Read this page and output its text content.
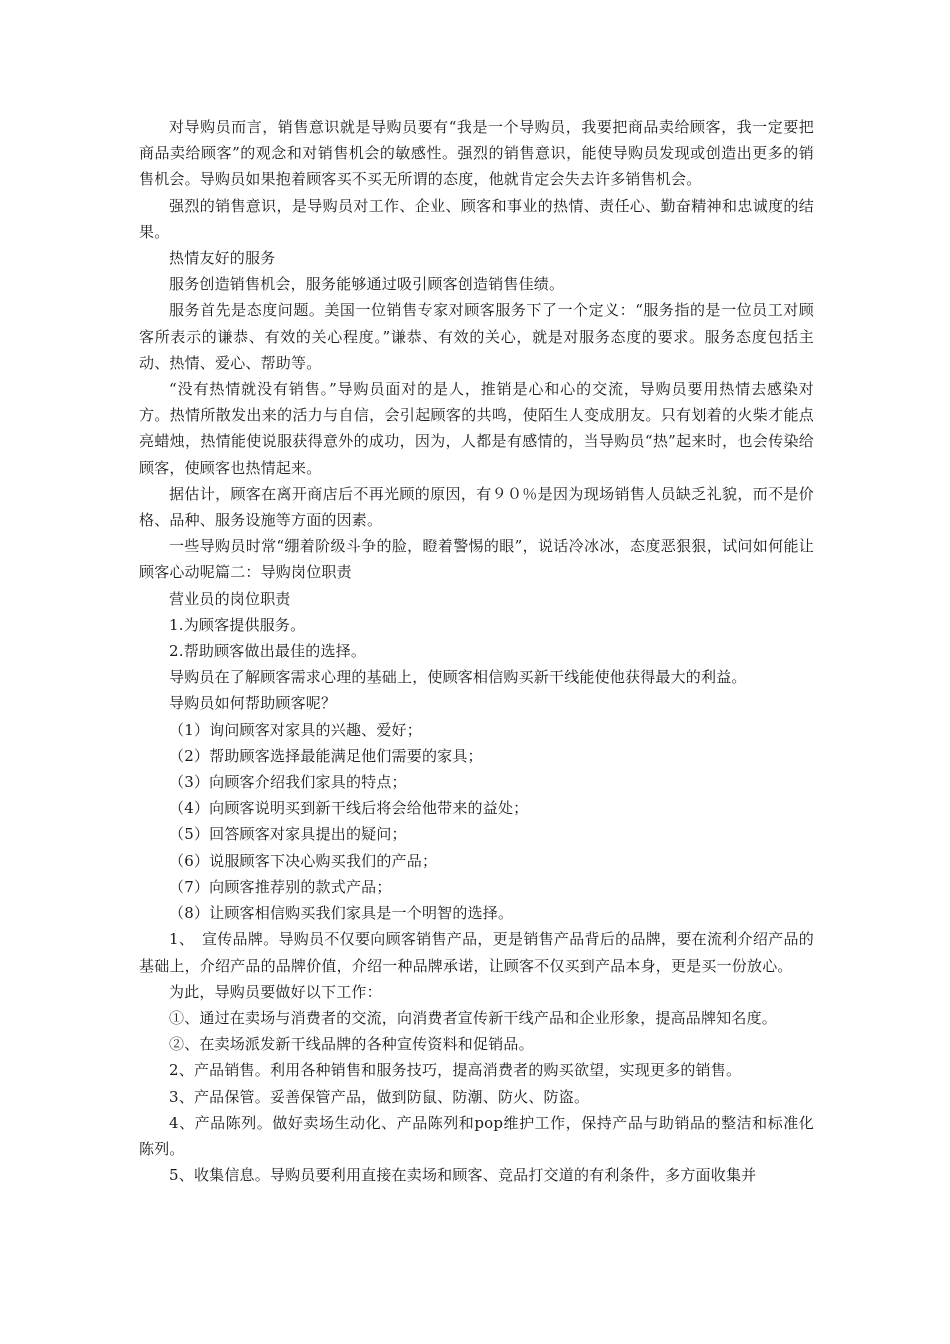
对导购员而言，销售意识就是导购员要有“我是一个导购员，我要把商品卖给顾客，我一定要把商品卖给顾客”的观念和对销售机会的敏感性。强烈的销售意识，能使导购员发现或创造出更多的销售机会。导购员如果抱着顾客买不买无所谓的态度，他就肯定会失去许多销售机会。

强烈的销售意识，是导购员对工作、企业、顾客和事业的热情、责任心、勤奋精神和忠诚度的结果。

热情友好的服务

服务创造销售机会，服务能够通过吸引顾客创造销售佳绩。

服务首先是态度问题。美国一位销售专家对顾客服务下了一个定义：“服务指的是一位员工对顾客所表示的谦恭、有效的关心程度。”谦恭、有效的关心，就是对服务态度的要求。服务态度包括主动、热情、爱心、帮助等。

“没有热情就没有销售。”导购员面对的是人，推销是心和心的交流，导购员要用热情去感染对方。热情所散发出来的活力与自信，会引起顾客的共鸣，使陌生人变成朋友。只有划着的火柴才能点亮蜡烛，热情能使说服获得意外的成功，因为，人都是有感情的，当导购员“热”起来时，也会传染给顾客，使顾客也热情起来。

据估计，顾客在离开商店后不再光顾的原因，有９０％是因为现场销售人员缺乏礼貌，而不是价格、品种、服务设施等方面的因素。

一些导购员时常“绷着阶级斗争的脸，瞪着警惕的眼”，说话冷冰冰，态度恶狠狠，试问如何能让顾客心动呢篇二：导购岗位职责

营业员的岗位职责

1.为顾客提供服务。

2.帮助顾客做出最佳的选择。

导购员在了解顾客需求心理的基础上，使顾客相信购买新干线能使他获得最大的利益。

导购员如何帮助顾客呢？

（1）询问顾客对家具的兴趣、爱好；

（2）帮助顾客选择最能满足他们需要的家具；

（3）向顾客介绍我们家具的特点；

（4）向顾客说明买到新干线后将会给他带来的益处；

（5）回答顾客对家具提出的疑问；

（6）说服顾客下决心购买我们的产品；

（7）向顾客推荐别的款式产品；

（8）让顾客相信购买我们家具是一个明智的选择。

1、　宣传品牌。导购员不仅要向顾客销售产品，更是销售产品背后的品牌，要在流利介绍产品的基础上，介绍产品的品牌价值，介绍一种品牌承诺，让顾客不仅买到产品本身，更是买一份放心。

为此，导购员要做好以下工作：

①、通过在卖场与消费者的交流，向消费者宣传新干线产品和企业形象，提高品牌知名度。

②、在卖场派发新干线品牌的各种宣传资料和促销品。

2、产品销售。利用各种销售和服务技巧，提高消费者的购买欲望，实现更多的销售。

3、产品保管。妥善保管产品，做到防鼠、防潮、防火、防盗。

4、产品陈列。做好卖场生动化、产品陈列和pop维护工作，保持产品与助销品的整洁和标准化陈列。

5、收集信息。导购员要利用直接在卖场和顾客、竞品打交道的有利条件，多方面收集并
